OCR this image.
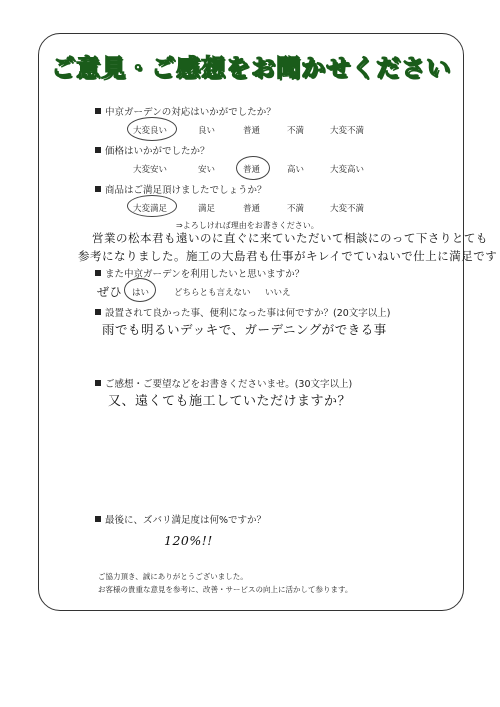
ご意見・ご感想をお聞かせください
中京ガーデンの対応はいかがでしたか？
大変良い	良い	普通	不満	大変不満
価格はいかがでしたか？
大変安い	安い	普通	高い	大変高い
商品はご満足頂けましたでしょうか？
大変満足	満足	普通	不満	大変不満
⇒よろしければ理由をお書きください。
営業の松本君も遠いのに直ぐに来ていただいて相談にのって下さりとても
参考になりました。施工の大島君も仕事がキレイでていねいで仕上に満足です
また中京ガーデンを利用したいと思いますか？
ぜひ はい	どちらとも言えない いいえ
設置されて良かった事、便利になった事は何ですか？(20文字以上)
雨でも明るいデッキで、ガーデニングができる事
ご感想・ご要望などをお書きくださいませ。(30文字以上)
又、遠くても施工していただけますか？
最後に、ズバリ満足度は何%ですか？
120%!!
ご協力頂き、誠にありがとうございました。
お客様の貴重な意見を参考に、改善・サービスの向上に活かして参ります。
